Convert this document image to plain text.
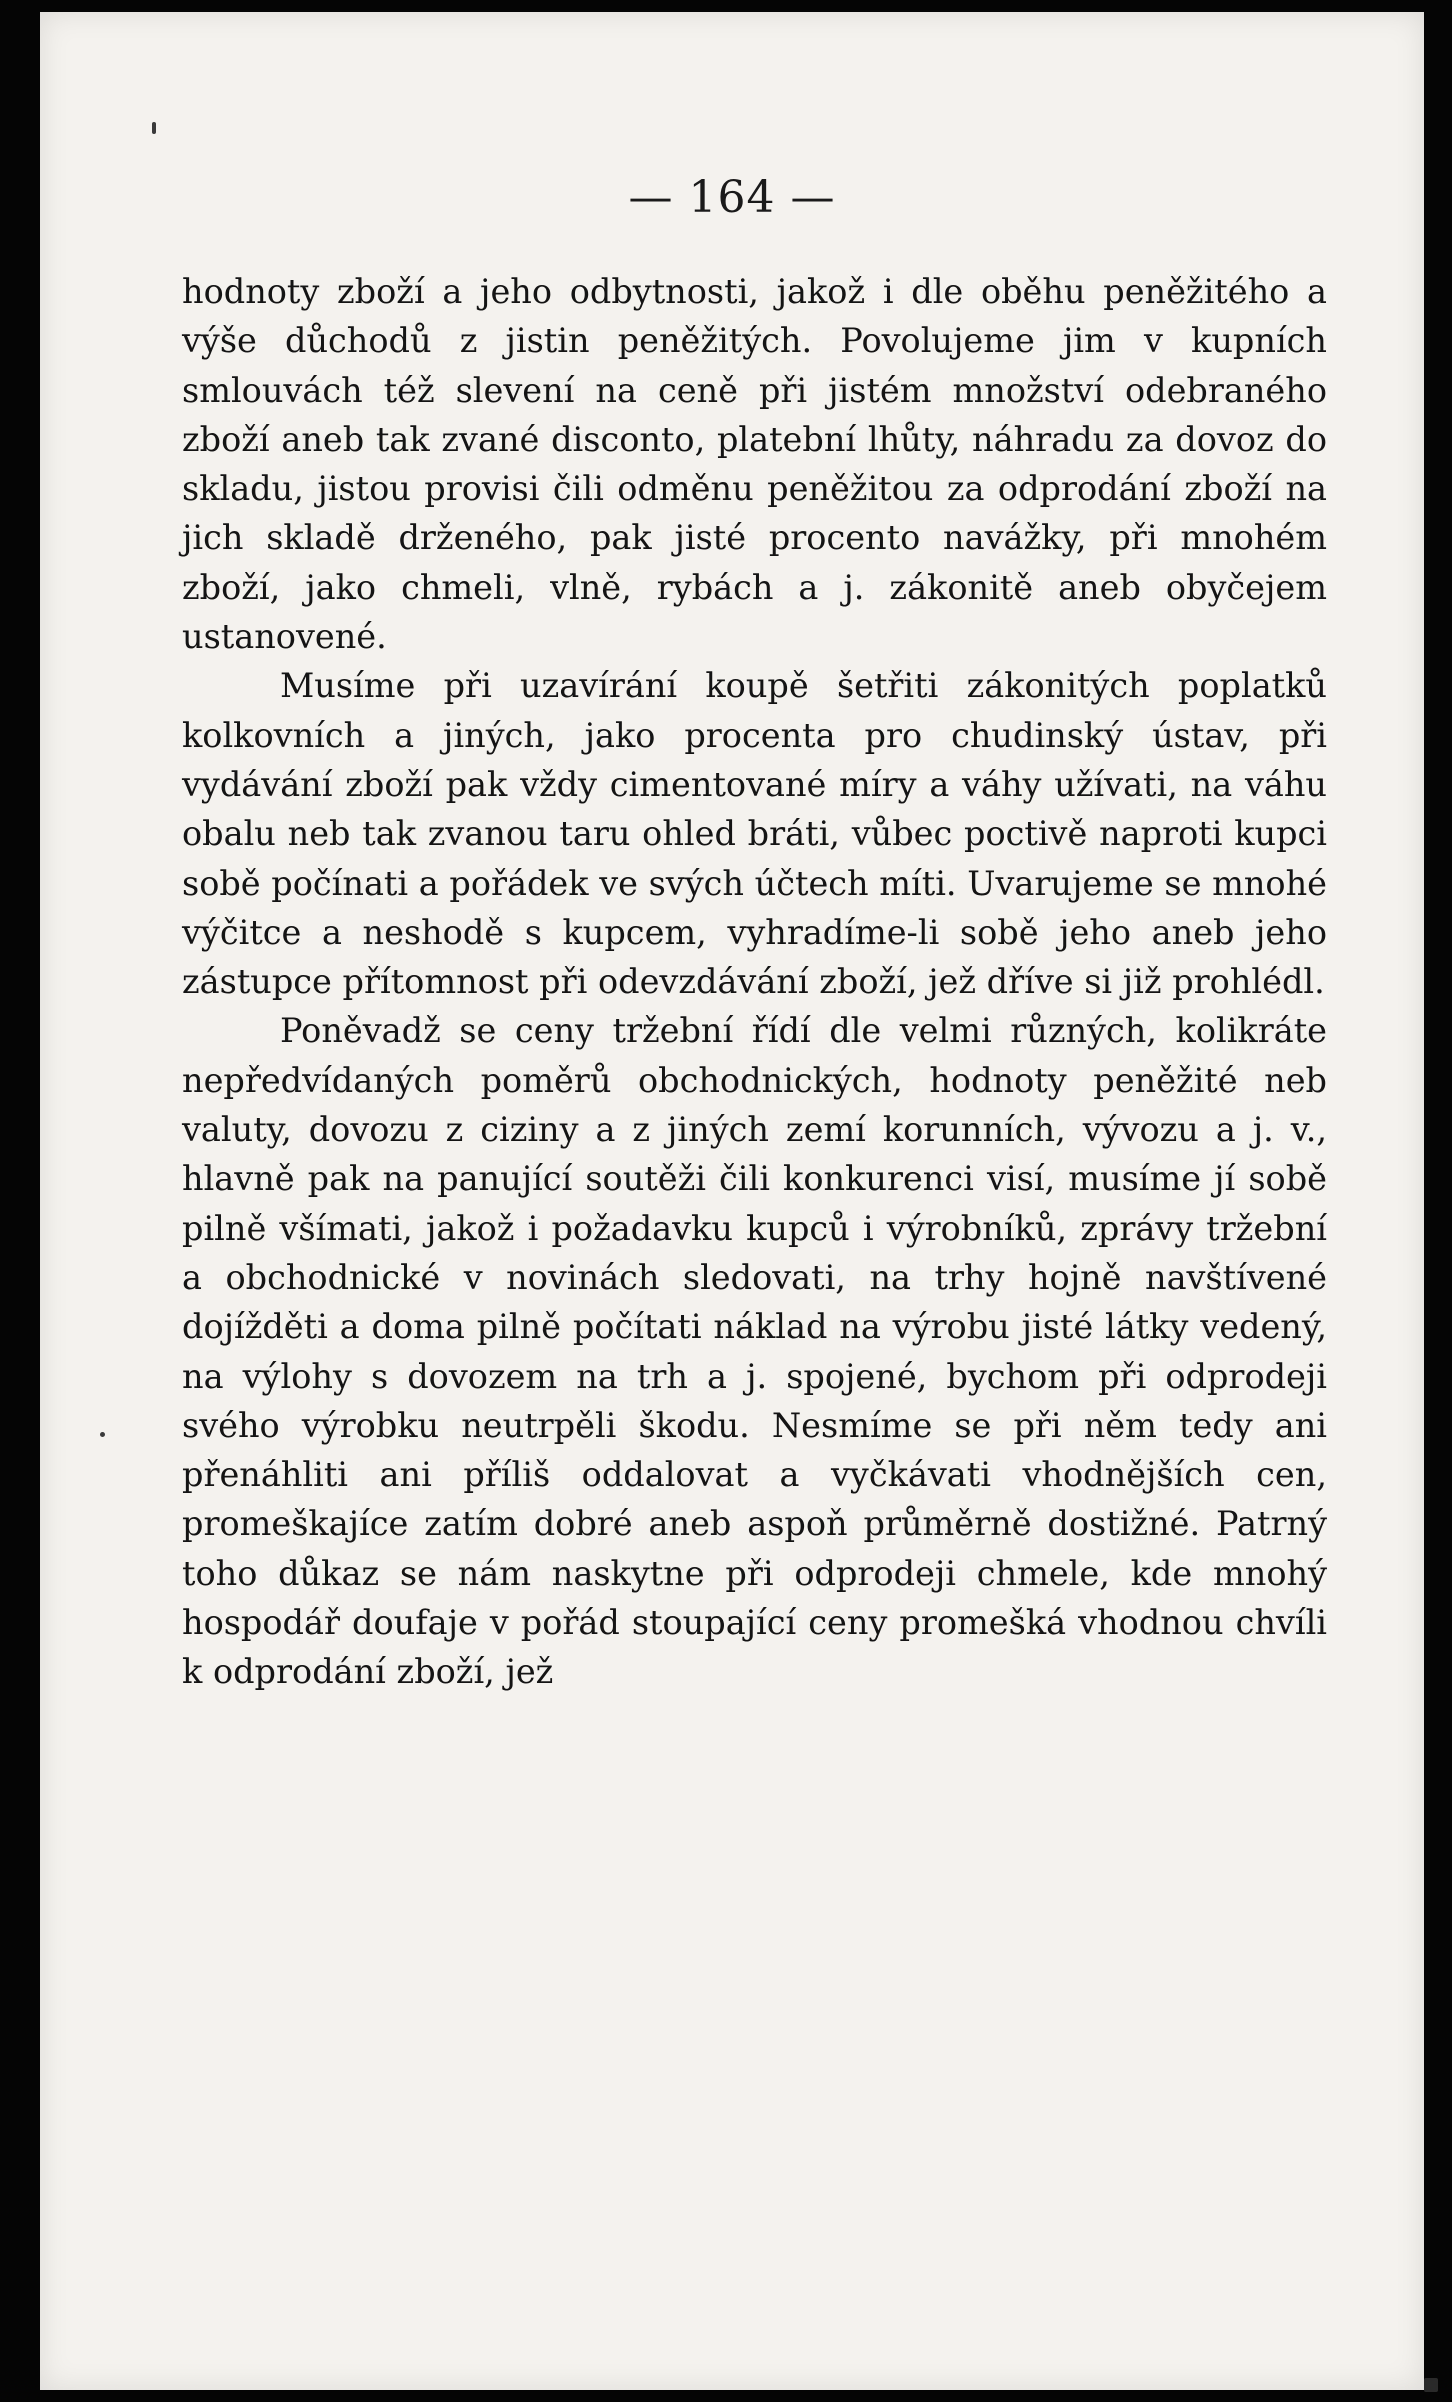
— 164 —

hodnoty zboží a jeho odbytnosti, jakož i dle oběhu peněžitého a výše důchodů z jistin peněžitých. Povolujeme jim v kupních smlouvách též slevení na ceně při jistém množství odebraného zboží aneb tak zvané disconto, platební lhůty, náhradu za dovoz do skladu, jistou provisi čili odměnu peněžitou za odprodání zboží na jich skladě drženého, pak jisté procento navážky, při mnohém zboží, jako chmeli, vlně, rybách a j. zákonitě aneb obyčejem ustanovené.

Musíme při uzavírání koupě šetřiti zákonitých poplatků kolkovních a jiných, jako procenta pro chudinský ústav, při vydávání zboží pak vždy cimentované míry a váhy užívati, na váhu obalu neb tak zvanou taru ohled bráti, vůbec poctivě naproti kupci sobě počínati a pořádek ve svých účtech míti. Uvarujeme se mnohé výčitce a neshodě s kupcem, vyhradíme-li sobě jeho aneb jeho zástupce přítomnost při odevzdávání zboží, jež dříve si již prohlédl.

Poněvadž se ceny tržební řídí dle velmi různých, kolikráte nepředvídaných poměrů obchodnických, hodnoty peněžité neb valuty, dovozu z ciziny a z jiných zemí korunních, vývozu a j. v., hlavně pak na panující soutěži čili konkurenci visí, musíme jí sobě pilně všímati, jakož i požadavku kupců i výrobníků, zprávy tržební a obchodnické v novinách sledovati, na trhy hojně navštívené dojížděti a doma pilně počítati náklad na výrobu jisté látky vedený, na výlohy s dovozem na trh a j. spojené, bychom při odprodeji svého výrobku neutrpěli škodu. Nesmíme se při něm tedy ani přenáhliti ani příliš oddalovat a vyčkávati vhodnějších cen, promeškajíce zatím dobré aneb aspoň průměrně dostižné. Patrný toho důkaz se nám naskytne při odprodeji chmele, kde mnohý hospodář doufaje v pořád stoupající ceny promešká vhodnou chvíli k odprodání zboží, jež
